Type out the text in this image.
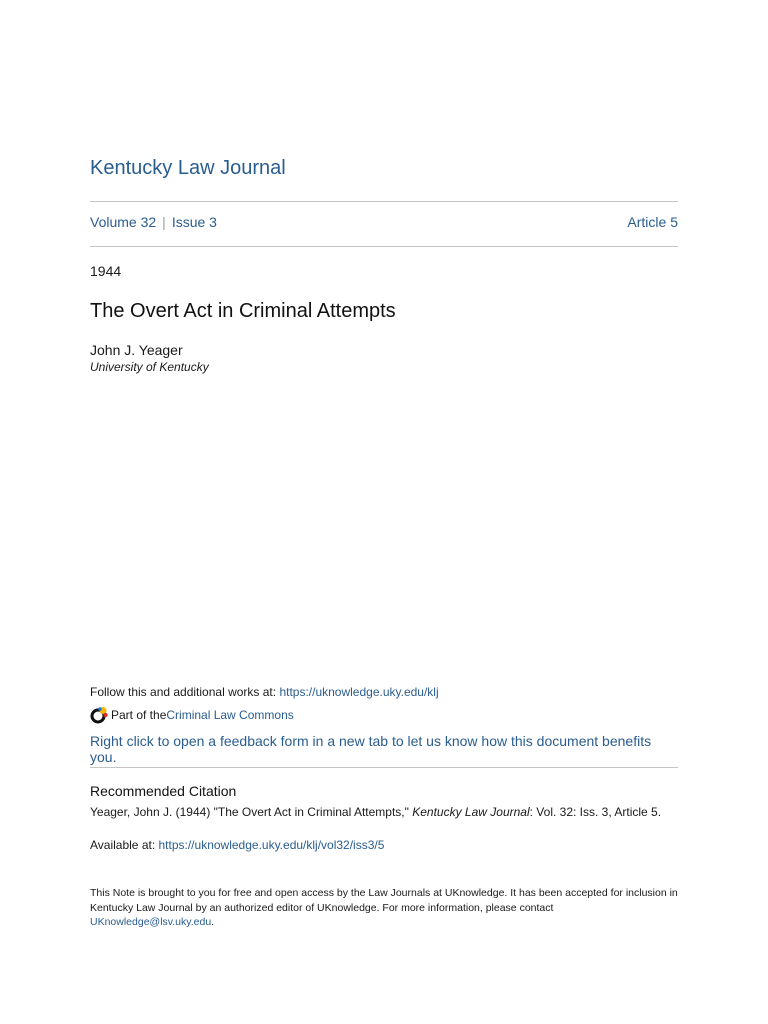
Kentucky Law Journal
Volume 32 | Issue 3	Article 5
1944
The Overt Act in Criminal Attempts
John J. Yeager
University of Kentucky
Follow this and additional works at: https://uknowledge.uky.edu/klj
Part of the Criminal Law Commons
Right click to open a feedback form in a new tab to let us know how this document benefits you.
Recommended Citation
Yeager, John J. (1944) "The Overt Act in Criminal Attempts," Kentucky Law Journal: Vol. 32: Iss. 3, Article 5.
Available at: https://uknowledge.uky.edu/klj/vol32/iss3/5
This Note is brought to you for free and open access by the Law Journals at UKnowledge. It has been accepted for inclusion in Kentucky Law Journal by an authorized editor of UKnowledge. For more information, please contact UKnowledge@lsv.uky.edu.
